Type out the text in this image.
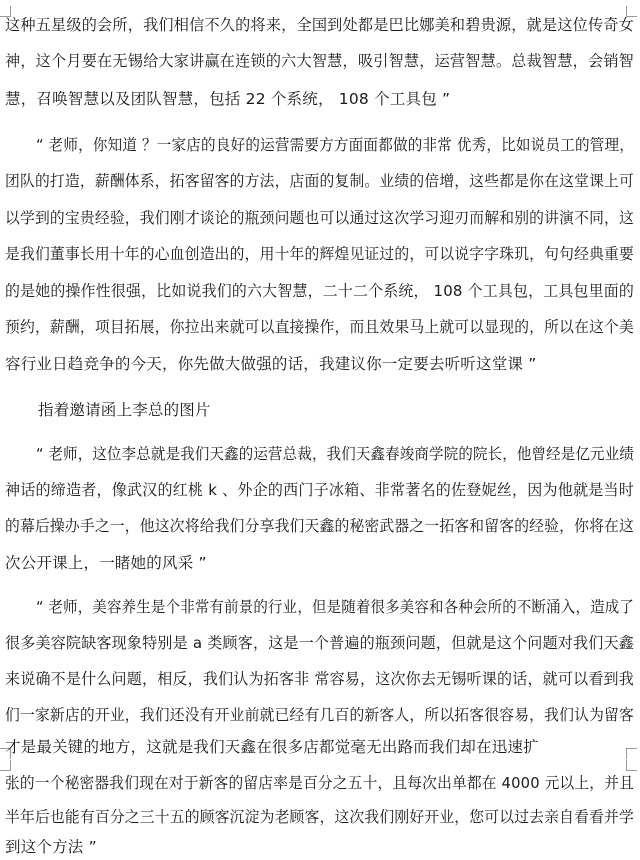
这种五星级的会所，我们相信不久的将来，全国到处都是巴比娜美和碧贵源，就是这位传奇女
神，这个月要在无锡给大家讲赢在连锁的六大智慧，吸引智慧，运营智慧。总裁智慧，会销智
慧，召唤智慧以及团队智慧，包括 22 个系统， 108 个工具包 ”
“ 老师，你知道 ？一家店的良好的运营需要方方面面都做的非常 优秀，比如说员工的管理，
团队的打造，薪酬体系，拓客留客的方法，店面的复制。业绩的倍增，这些都是你在这堂课上可
以学到的宝贵经验，我们刚才谈论的瓶颈问题也可以通过这次学习迎刃而解和别的讲演不同，这
是我们董事长用十年的心血创造出的，用十年的辉煌见证过的，可以说字字珠玑，句句经典重要
的是她的操作性很强，比如说我们的六大智慧，二十二个系统， 108 个工具包，工具包里面的
预约，薪酬，项目拓展，你拉出来就可以直接操作，而且效果马上就可以显现的，所以在这个美
容行业日趋竞争的今天，你先做大做强的话，我建议你一定要去听听这堂课 ”
指着邀请函上李总的图片
“ 老师，这位李总就是我们天鑫的运营总裁，我们天鑫春竣商学院的院长，他曾经是亿元业绩
神话的缔造者，像武汉的红桃 k 、外企的西门子冰箱、非常著名的佐登妮丝，因为他就是当时
的幕后操办手之一，他这次将给我们分享我们天鑫的秘密武器之一拓客和留客的经验，你将在这
次公开课上，一睹她的风采 ”
“ 老师，美容养生是个非常有前景的行业，但是随着很多美容和各种会所的不断涌入，造成了
很多美容院缺客现象特别是 a 类顾客，这是一个普遍的瓶颈问题，但就是这个问题对我们天鑫
来说确不是什么问题，相反，我们认为拓客非 常容易，这次你去无锡听课的话，就可以看到我
们一家新店的开业，我们还没有开业前就已经有几百的新客人，所以拓客很容易，我们认为留客
才是最关键的地方，这就是我们天鑫在很多店都觉毫无出路而我们却在迅速扩
张的一个秘密器我们现在对于新客的留店率是百分之五十，且每次出单都在 4000 元以上，并且
半年后也能有百分之三十五的顾客沉淀为老顾客，这次我们刚好开业，您可以过去亲自看看并学
到这个方法 ”
